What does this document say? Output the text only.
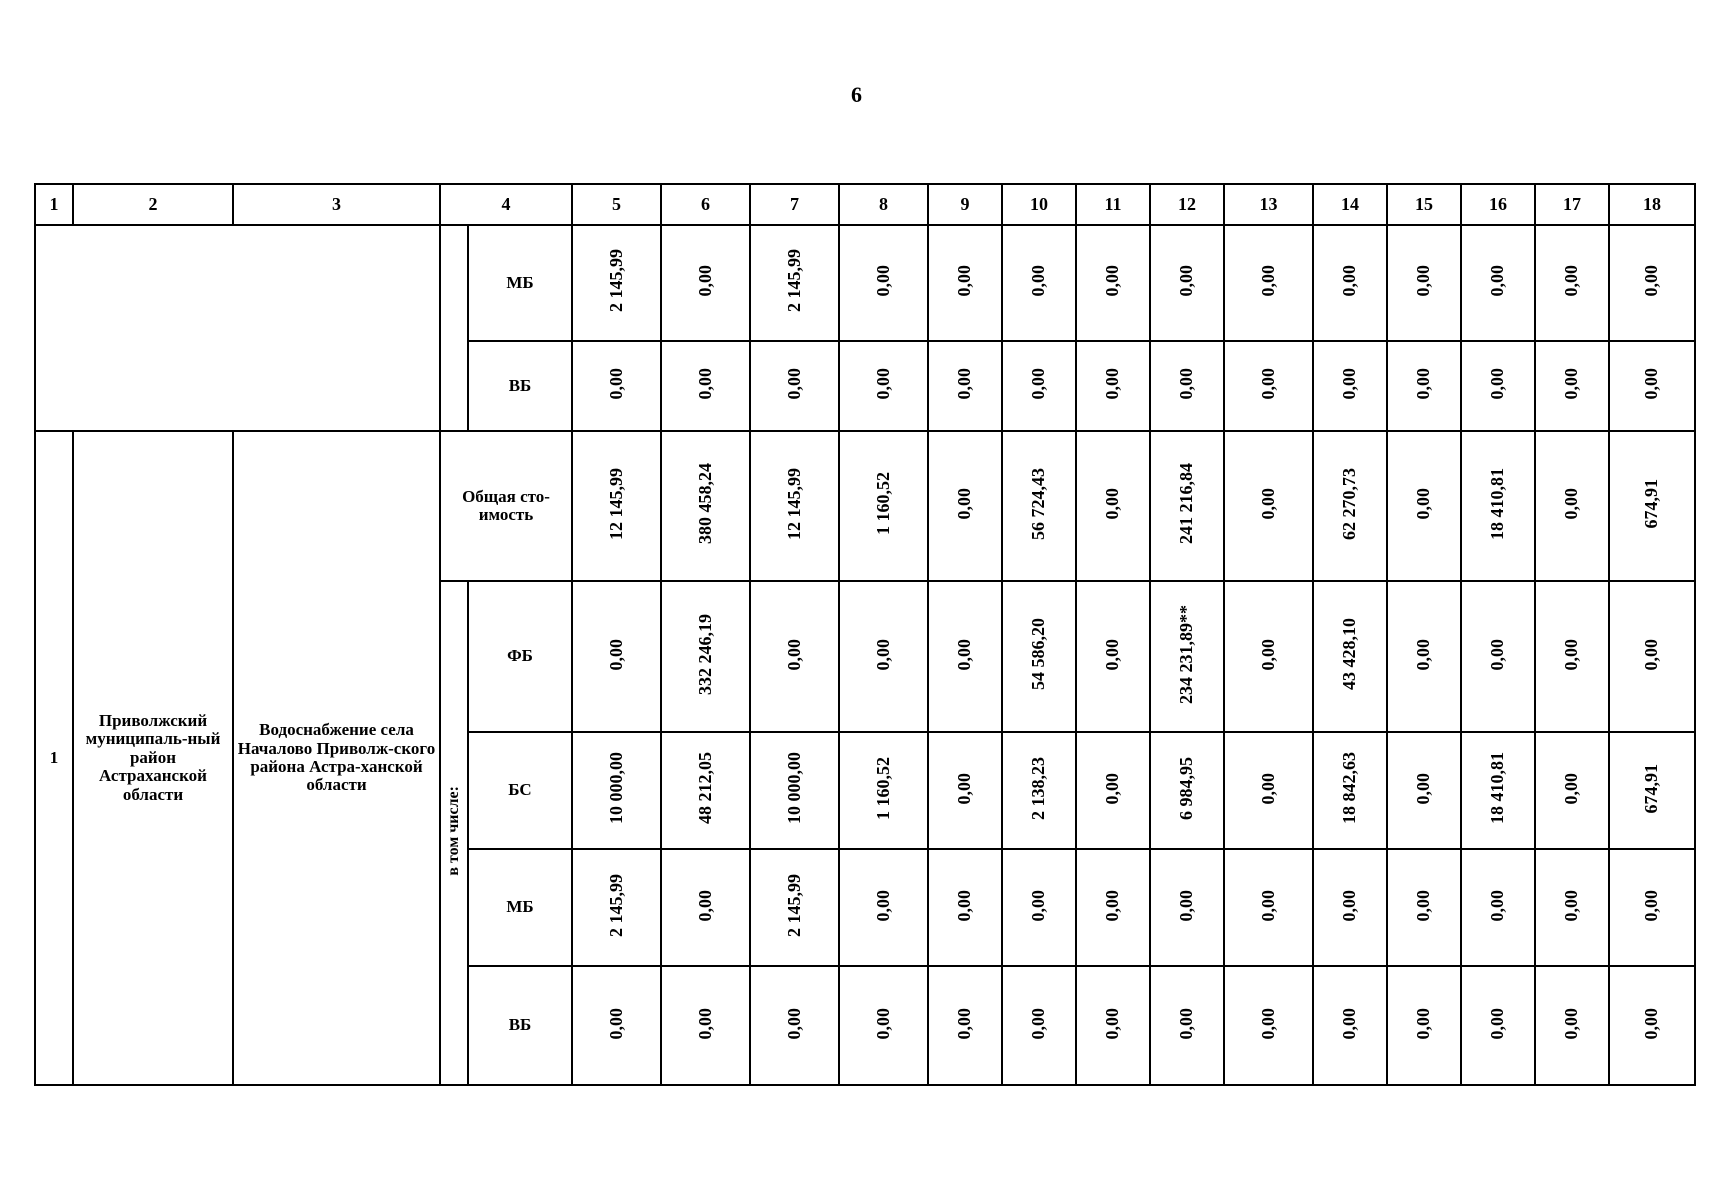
6
1	2	3	4		5	6	7	8	9	10	11	12	13	14	15	16	17	18
				МБ	2 145,99	0,00	2 145,99	0,00	0,00	0,00	0,00	0,00	0,00	0,00	0,00	0,00	0,00	0,00
				ВБ	0,00	0,00	0,00	0,00	0,00	0,00	0,00	0,00	0,00	0,00	0,00	0,00	0,00	0,00
1	Приволжский муниципаль-ный район Астраханской области	Водоснабжение села Началово Приволж-ского района Астра-ханской области	Общая сто-имость		12 145,99	380 458,24	12 145,99	1 160,52	0,00	56 724,43	0,00	241 216,84	0,00	62 270,73	0,00	18 410,81	0,00	674,91
			в том числе:	ФБ	0,00	332 246,19	0,00	0,00	0,00	54 586,20	0,00	234 231,89**	0,00	43 428,10	0,00	0,00	0,00	0,00
				БС	10 000,00	48 212,05	10 000,00	1 160,52	0,00	2 138,23	0,00	6 984,95	0,00	18 842,63	0,00	18 410,81	0,00	674,91
				МБ	2 145,99	0,00	2 145,99	0,00	0,00	0,00	0,00	0,00	0,00	0,00	0,00	0,00	0,00	0,00
				ВБ	0,00	0,00	0,00	0,00	0,00	0,00	0,00	0,00	0,00	0,00	0,00	0,00	0,00	0,00
